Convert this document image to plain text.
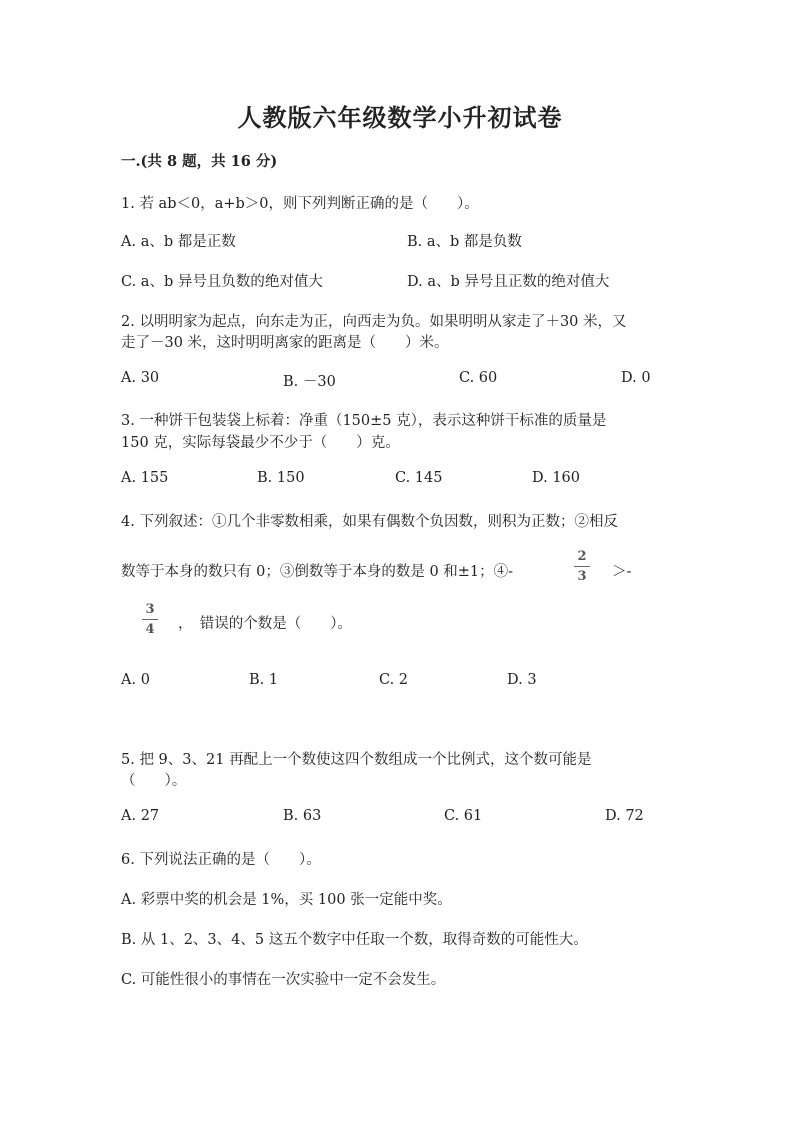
人教版六年级数学小升初试卷
一.(共 8 题，共 16 分)
1. 若 ab＜0，a+b＞0，则下列判断正确的是（　　）。
A. a、b 都是正数	B. a、b 都是负数
C. a、b 异号且负数的绝对值大	D. a、b 异号且正数的绝对值大
2. 以明明家为起点，向东走为正，向西走为负。如果明明从家走了＋30 米，又
走了－30 米，这时明明离家的距离是（　　）米。
A. 30	B. －30	C. 60	D. 0
3. 一种饼干包装袋上标着：净重（150±5 克），表示这种饼干标准的质量是
150 克，实际每袋最少不少于（　　）克。
A. 155	B. 150	C. 145	D. 160
4. 下列叙述：①几个非零数相乘，如果有偶数个负因数，则积为正数；②相反
数等于本身的数只有 0；③倒数等于本身的数是 0 和±1；④-
2
3	＞-
3
4	，　错误的个数是（　　）。
A. 0	B. 1	C. 2	D. 3
5. 把 9、3、21 再配上一个数使这四个数组成一个比例式，这个数可能是
（　　）。
A. 27	B. 63	C. 61	D. 72
6. 下列说法正确的是（　　）。
A. 彩票中奖的机会是 1%，买 100 张一定能中奖。
B. 从 1、2、3、4、5 这五个数字中任取一个数，取得奇数的可能性大。
C. 可能性很小的事情在一次实验中一定不会发生。
